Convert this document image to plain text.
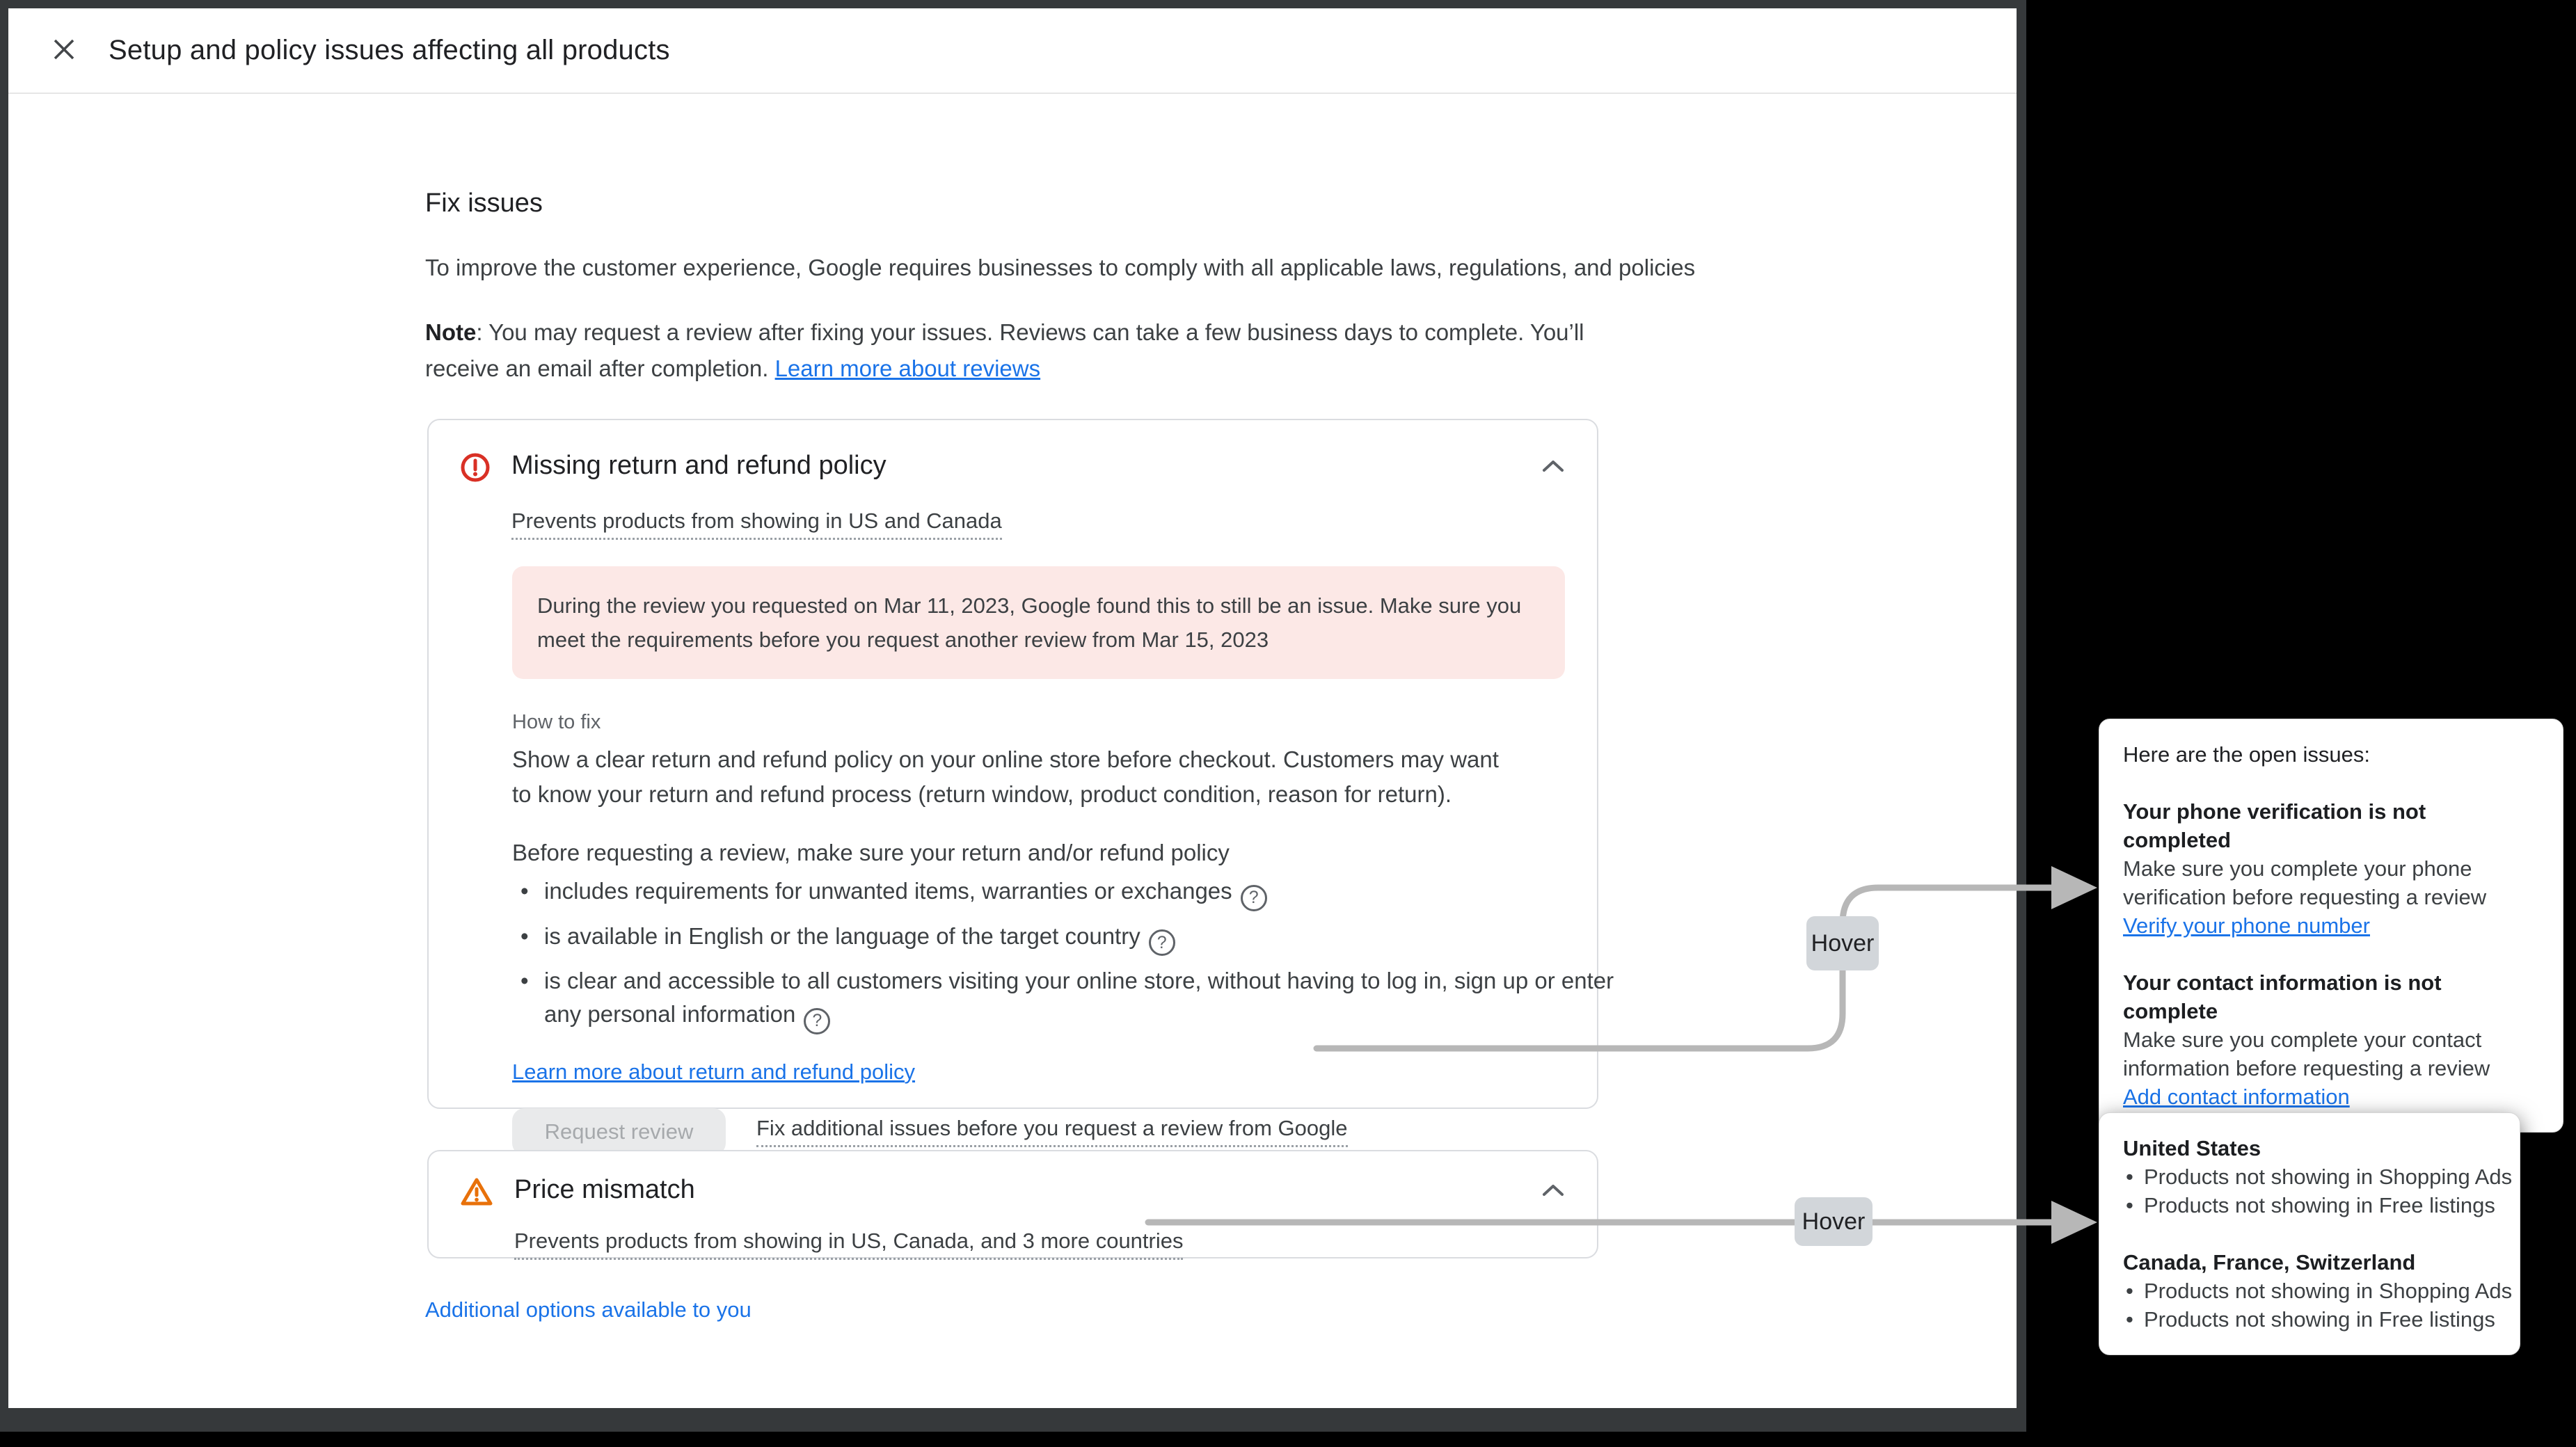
Setup and policy issues affecting all products
Fix issues
To improve the customer experience, Google requires businesses to comply with all applicable laws, regulations, and policies
Note: You may request a review after fixing your issues. Reviews can take a few business days to complete. You’ll receive an email after completion. Learn more about reviews
Missing return and refund policy

Prevents products from showing in US and Canada
During the review you requested on Mar 11, 2023, Google found this to still be an issue. Make sure you meet the requirements before you request another review from Mar 15, 2023
How to fix
Show a clear return and refund policy on your online store before checkout. Customers may want to know your return and refund process (return window, product condition, reason for return).
Before requesting a review, make sure your return and/or refund policy
• includes requirements for unwanted items, warranties or exchanges ?
• is available in English or the language of the target country ?
• is clear and accessible to all customers visiting your online store, without having to log in, sign up or enter any personal information ?
Learn more about return and refund policy
Request review	Fix additional issues before you request a review from Google
Price mismatch

Prevents products from showing in US, Canada, and 3 more countries
Additional options available to you
Hover
Hover
Here are the open issues:
Your phone verification is not completed
Make sure you complete your phone verification before requesting a review
Verify your phone number
Your contact information is not complete
Make sure you complete your contact information before requesting a review
Add contact information
United States
• Products not showing in Shopping Ads
• Products not showing in Free listings
Canada, France, Switzerland
• Products not showing in Shopping Ads
• Products not showing in Free listings
